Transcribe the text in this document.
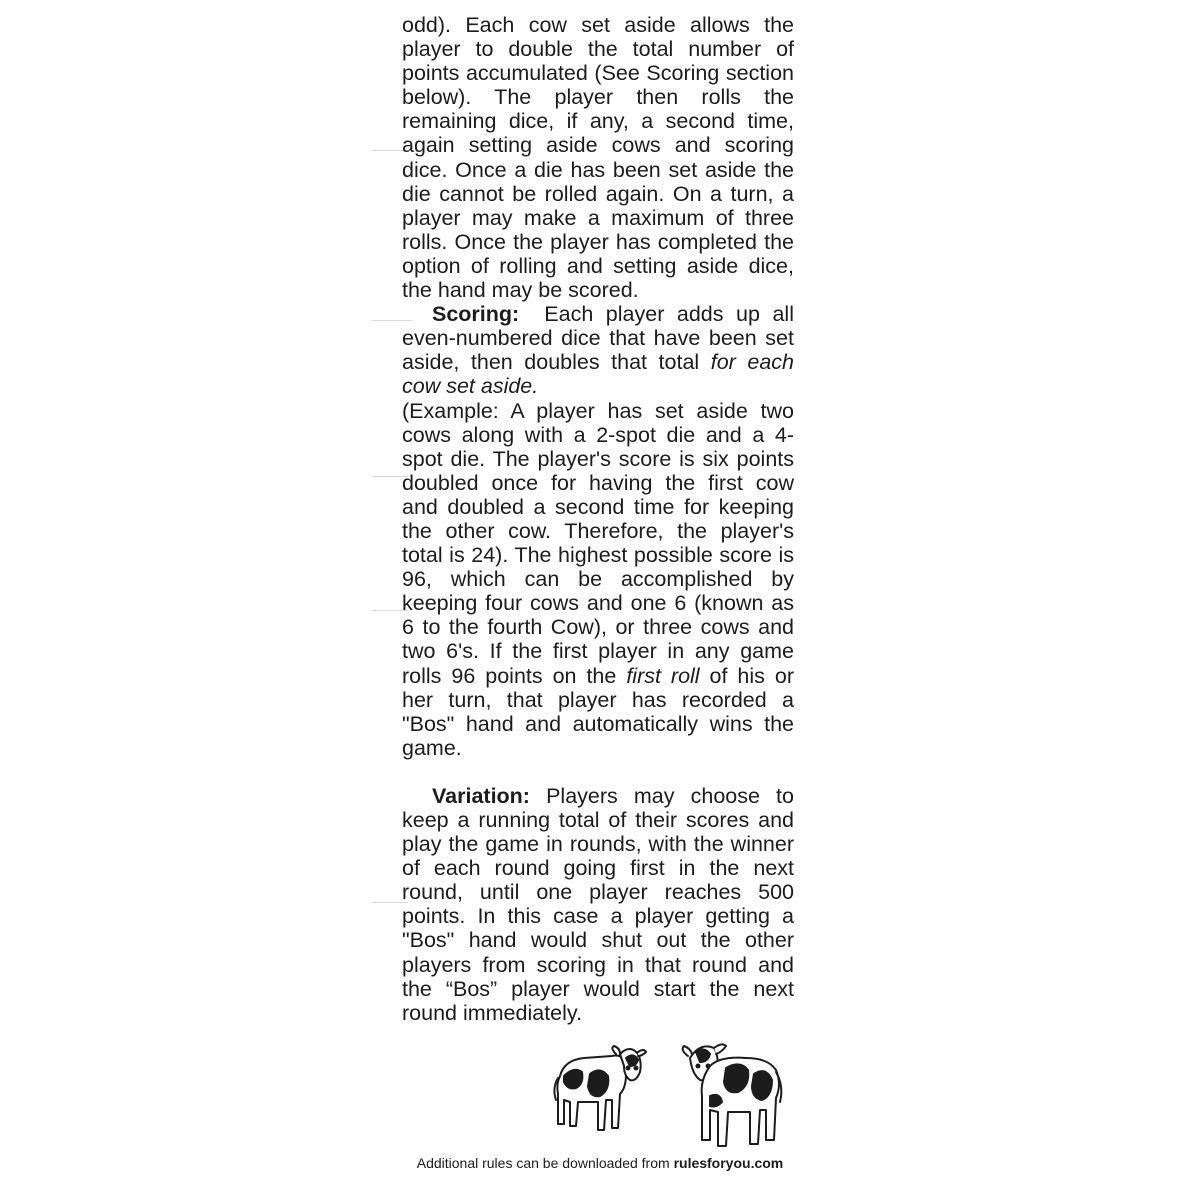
odd). Each cow set aside allows the player to double the total number of points accumulated (See Scoring section below). The player then rolls the remaining dice, if any, a second time, again setting aside cows and scoring dice. Once a die has been set aside the die cannot be rolled again. On a turn, a player may make a maximum of three rolls. Once the player has completed the option of rolling and setting aside dice, the hand may be scored.

Scoring: Each player adds up all even-numbered dice that have been set aside, then doubles that total for each cow set aside.

(Example: A player has set aside two cows along with a 2-spot die and a 4-spot die. The player's score is six points doubled once for having the first cow and doubled a second time for keeping the other cow. Therefore, the player's total is 24). The highest possible score is 96, which can be accomplished by keeping four cows and one 6 (known as 6 to the fourth Cow), or three cows and two 6's. If the first player in any game rolls 96 points on the first roll of his or her turn, that player has recorded a "Bos" hand and automatically wins the game.

Variation: Players may choose to keep a running total of their scores and play the game in rounds, with the winner of each round going first in the next round, until one player reaches 500 points. In this case a player getting a "Bos" hand would shut out the other players from scoring in that round and the “Bos” player would start the next round immediately.

Additional rules can be downloaded from rulesforyou.com
